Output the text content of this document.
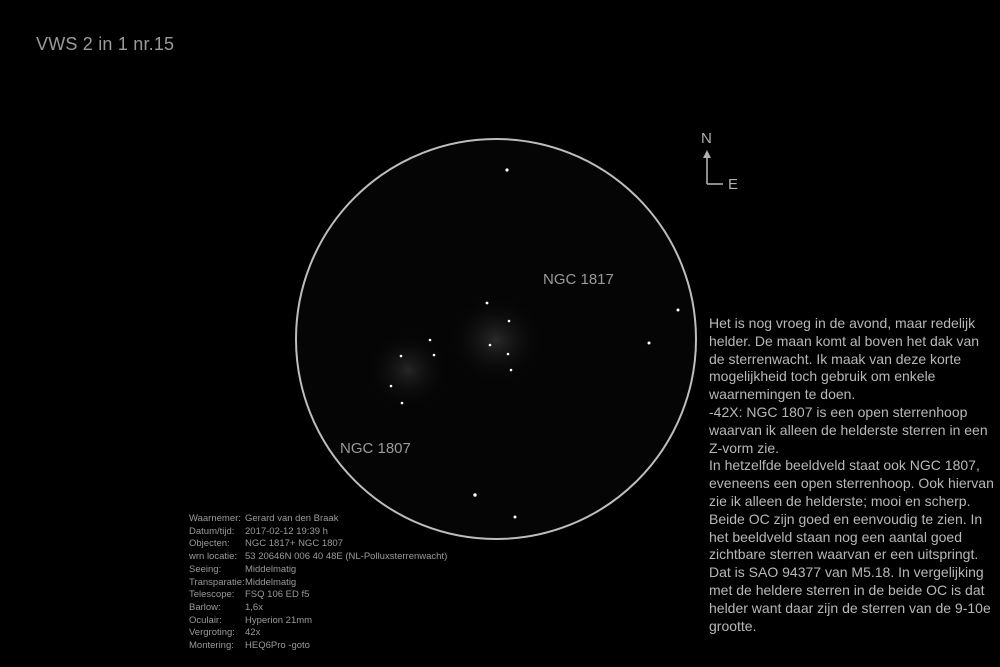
VWS 2 in 1 nr.15
NGC 1817
NGC 1807
N
E

Het is nog vroeg in de avond, maar redelijk helder. De maan komt al boven het dak van de sterrenwacht. Ik maak van deze korte mogelijkheid toch gebruik om enkele waarnemingen te doen.

-42X: NGC 1807 is een open sterrenhoop waarvan ik alleen de helderste sterren in een Z-vorm zie.

In hetzelfde beeldveld staat ook NGC 1807, eveneens een open sterrenhoop. Ook hiervan zie ik alleen de helderste; mooi en scherp. Beide OC zijn goed en eenvoudig te zien. In het beeldveld staan nog een aantal goed zichtbare sterren waarvan er een uitspringt. Dat is SAO 94377 van M5.18. In vergelijking met de heldere sterren in de beide OC is dat helder want daar zijn de sterren van de 9-10e grootte.

Waarnemer: Gerard van den Braak
Datum/tijd:	2017-02-12 19:39 h
Objecten:	NGC 1817+ NGC 1807
wrn locatie: 53 20646N 006 40 48E (NL-Polluxsterrenwacht)
Seeing:	Middelmatig
Transparatie: Middelmatig
Telescope:	FSQ 106 ED f5
Barlow:	1,6x
Oculair:	Hyperion 21mm
Vergroting:	42x
Montering:	HEQ6Pro -goto
